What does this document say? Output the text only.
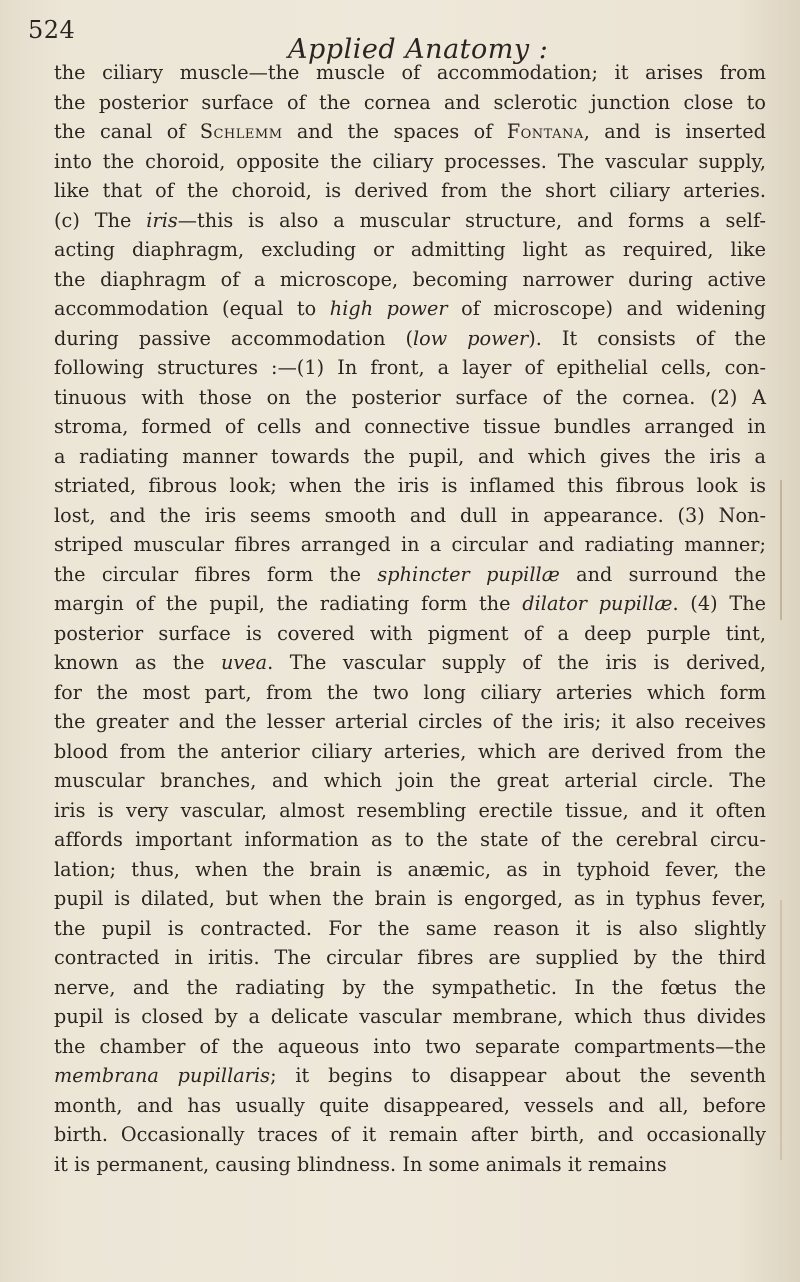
524
Applied Anatomy :
the ciliary muscle—the muscle of accommodation; it arises from
the posterior surface of the cornea and sclerotic junction close to
the canal of Schlemm and the spaces of Fontana, and is inserted
into the choroid, opposite the ciliary processes. The vascular supply,
like that of the choroid, is derived from the short ciliary arteries.
(c) The iris—this is also a muscular structure, and forms a self-
acting diaphragm, excluding or admitting light as required, like
the diaphragm of a microscope, becoming narrower during active
accommodation (equal to high power of microscope) and widening
during passive accommodation (low power). It consists of the
following structures :—(1) In front, a layer of epithelial cells, con-
tinuous with those on the posterior surface of the cornea. (2) A
stroma, formed of cells and connective tissue bundles arranged in
a radiating manner towards the pupil, and which gives the iris a
striated, fibrous look; when the iris is inflamed this fibrous look is
lost, and the iris seems smooth and dull in appearance. (3) Non-
striped muscular fibres arranged in a circular and radiating manner;
the circular fibres form the sphincter pupillæ and surround the
margin of the pupil, the radiating form the dilator pupillæ. (4) The
posterior surface is covered with pigment of a deep purple tint,
known as the uvea. The vascular supply of the iris is derived,
for the most part, from the two long ciliary arteries which form
the greater and the lesser arterial circles of the iris; it also receives
blood from the anterior ciliary arteries, which are derived from the
muscular branches, and which join the great arterial circle. The
iris is very vascular, almost resembling erectile tissue, and it often
affords important information as to the state of the cerebral circu-
lation; thus, when the brain is anæmic, as in typhoid fever, the
pupil is dilated, but when the brain is engorged, as in typhus fever,
the pupil is contracted. For the same reason it is also slightly
contracted in iritis. The circular fibres are supplied by the third
nerve, and the radiating by the sympathetic. In the fœtus the
pupil is closed by a delicate vascular membrane, which thus divides
the chamber of the aqueous into two separate compartments—the
membrana pupillaris; it begins to disappear about the seventh
month, and has usually quite disappeared, vessels and all, before
birth. Occasionally traces of it remain after birth, and occasionally
it is permanent, causing blindness. In some animals it remains
